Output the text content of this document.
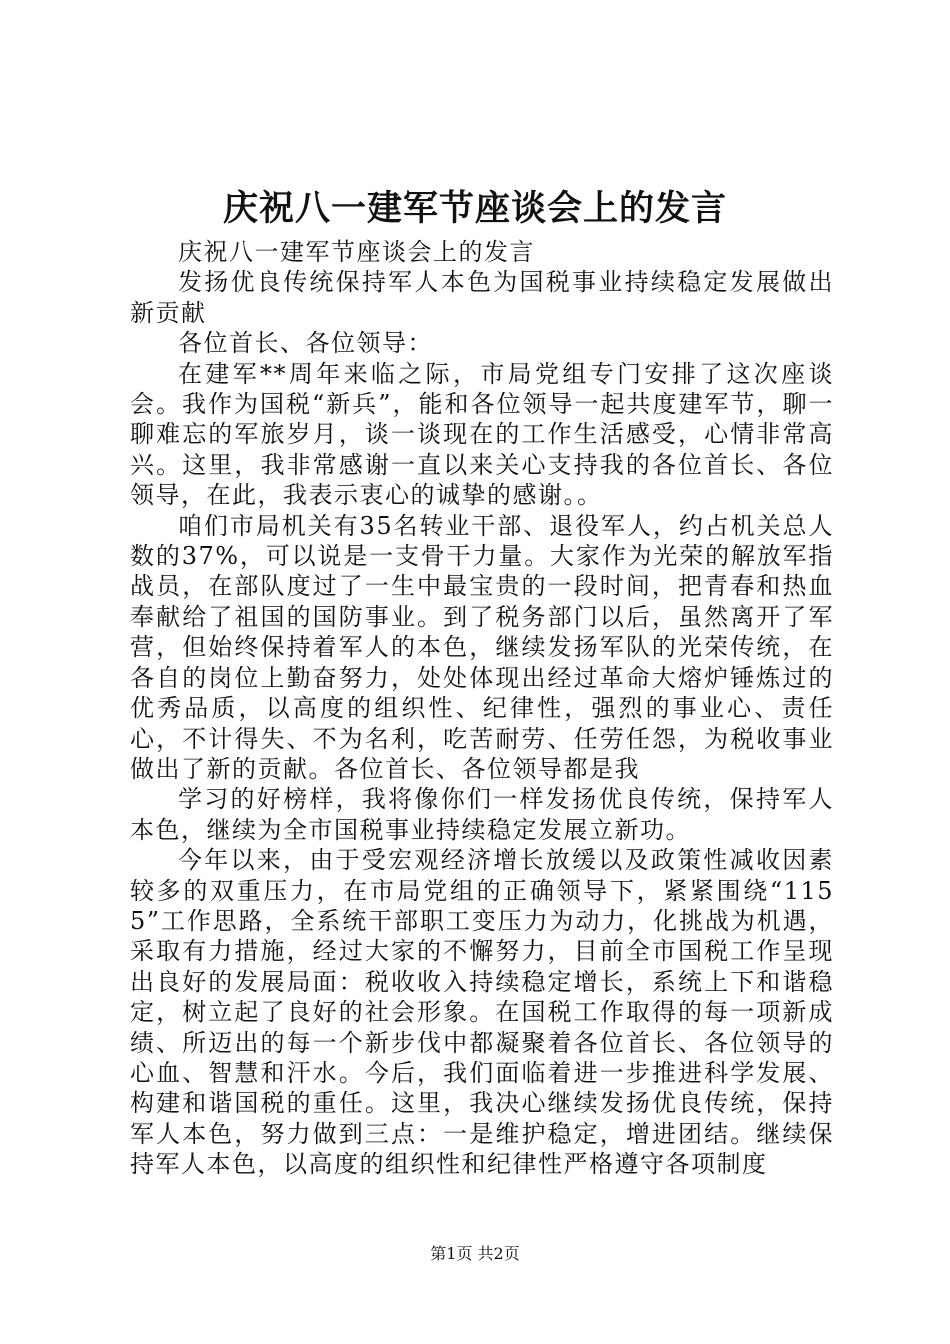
庆祝八一建军节座谈会上的发言

庆祝八一建军节座谈会上的发言

发扬优良传统保持军人本色为国税事业持续稳定发展做出新贡献

各位首长、各位领导：

在建军**周年来临之际，市局党组专门安排了这次座谈会。我作为国税“新兵”，能和各位领导一起共度建军节，聊一聊难忘的军旅岁月，谈一谈现在的工作生活感受，心情非常高兴。这里，我非常感谢一直以来关心支持我的各位首长、各位领导，在此，我表示衷心的诚挚的感谢。。

咱们市局机关有35名转业干部、退役军人，约占机关总人数的37%，可以说是一支骨干力量。大家作为光荣的解放军指战员，在部队度过了一生中最宝贵的一段时间，把青春和热血奉献给了祖国的国防事业。到了税务部门以后，虽然离开了军营，但始终保持着军人的本色，继续发扬军队的光荣传统，在各自的岗位上勤奋努力，处处体现出经过革命大熔炉锤炼过的优秀品质，以高度的组织性、纪律性，强烈的事业心、责任心，不计得失、不为名利，吃苦耐劳、任劳任怨，为税收事业做出了新的贡献。各位首长、各位领导都是我

学习的好榜样，我将像你们一样发扬优良传统，保持军人本色，继续为全市国税事业持续稳定发展立新功。

今年以来，由于受宏观经济增长放缓以及政策性减收因素较多的双重压力，在市局党组的正确领导下，紧紧围绕“1155”工作思路，全系统干部职工变压力为动力，化挑战为机遇，采取有力措施，经过大家的不懈努力，目前全市国税工作呈现出良好的发展局面：税收收入持续稳定增长，系统上下和谐稳定，树立起了良好的社会形象。在国税工作取得的每一项新成绩、所迈出的每一个新步伐中都凝聚着各位首长、各位领导的心血、智慧和汗水。今后，我们面临着进一步推进科学发展、构建和谐国税的重任。这里，我决心继续发扬优良传统，保持军人本色，努力做到三点：一是维护稳定，增进团结。继续保持军人本色，以高度的组织性和纪律性严格遵守各项制度

第1页 共2页
